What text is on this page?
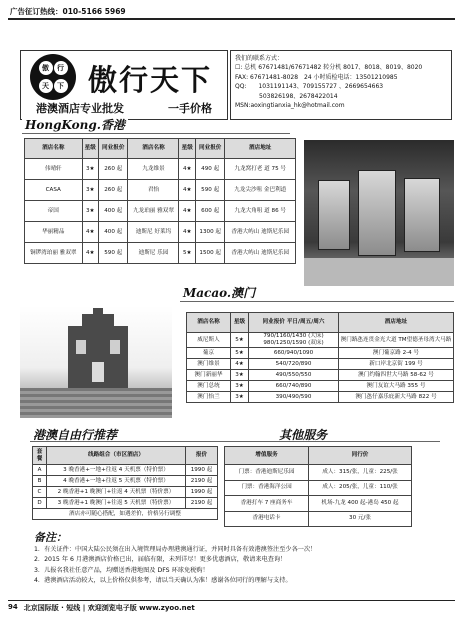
广告征订热线：010-5166 5969
傲	行
天	下 傲行天下
港澳酒店专业批发	一手价格
我们的联系方式：
☐: 总机 67671481/67671482 转分机 8017、8018、8019、8020
FAX: 67671481-8028　24 小时质检电话：13501210985
QQ:　　1031191143、709155727 、2669654663
　　　　503826198、2678422014
MSN:aoxingtianxia_hk@hotmail.com
HongKong.香港
酒店名称	星级	同业报价	酒店名称	星级	同业报价	酒店地址
伟晴轩	3★	260 起	九龙维景	4★	490 起	九龙窝打老 道 75 号
CASA	3★	260 起	君怡	4★	590 起	九龙尖沙咀 金巴利道
帝国	3★	400 起	九龙珀丽 雅双翠	4★	600 起	九龙大角咀 道 86 号
华丽精品	4★	400 起	迪斯尼 好莱坞	4★	1300 起	香港大屿山 迪斯尼乐园
铜锣湾珀丽 雅双翠	4★	590 起	迪斯尼 乐园	5★	1500 起	香港大屿山 迪斯尼乐园
Macao.澳门
酒店名称	星级	同业报价 平日/周五/周六	酒店地址
威尼斯人	5★	790/1160/1430 (大床) 980/1250/1590 (双床)	澳门路氹连贯金光大道 TM望德圣母湾大马路
葡京	5★	660/940/1090	澳门葡京路 2-4 号
澳门维景	4★	540/720/890	新口岸北京街 199 号
澳门新丽华	3★	490/550/550	澳门约翰四世大马路 58-62 号
澳门总统	3★	660/740/890	澳门友谊大马路 355 号
澳门怡兰	3★	390/490/590	澳门氹仔嘉乐庇新大马路 822 号
港澳自由行推荐	其他服务
套餐	线路组合（市区酒店）	报价
A	3 晚香港+一地+往返 4 天机票（特价票）	1990 起
B	4 晚香港+一地+往返 5 天机票（特价票）	2190 起
C	2 晚香港+1 晚澳门+往返 4 天机票（特价票）	1990 起
D	3 晚香港+1 晚澳门+往返 5 天机票（特价票）	2190 起
酒店亦可随心搭配，如遇差价，价格另行调整		
增值服务	同行价
门票：香港迪斯尼乐园	成人：315/张，儿童：225/张
门票：香港海洋公园	成人：205/张，儿童：110/张
香港打车 7 座商务车	机场-九龙 400 起-港岛 450 起
香港电话卡	30 元/张
备注：
1．有关证件：中国大陆公民须在出入境管理局办理港澳通行证，并同时具备有效港澳签注至少各一次！
2．2015 年 6 月港澳酒店价格已出，届临有限，未列详尽！更多优惠酒店，敬请来电查询！
3．儿报名我社任意产品，均赠送香港地图及 DFS 环球免税购！
4．港澳酒店活动较大，以上价格仅供参考，请以当天确认为准！感谢各位同行的理解与支持。
94 北京国际版 · 短线 | 欢迎浏览电子版 www.zyoo.net
